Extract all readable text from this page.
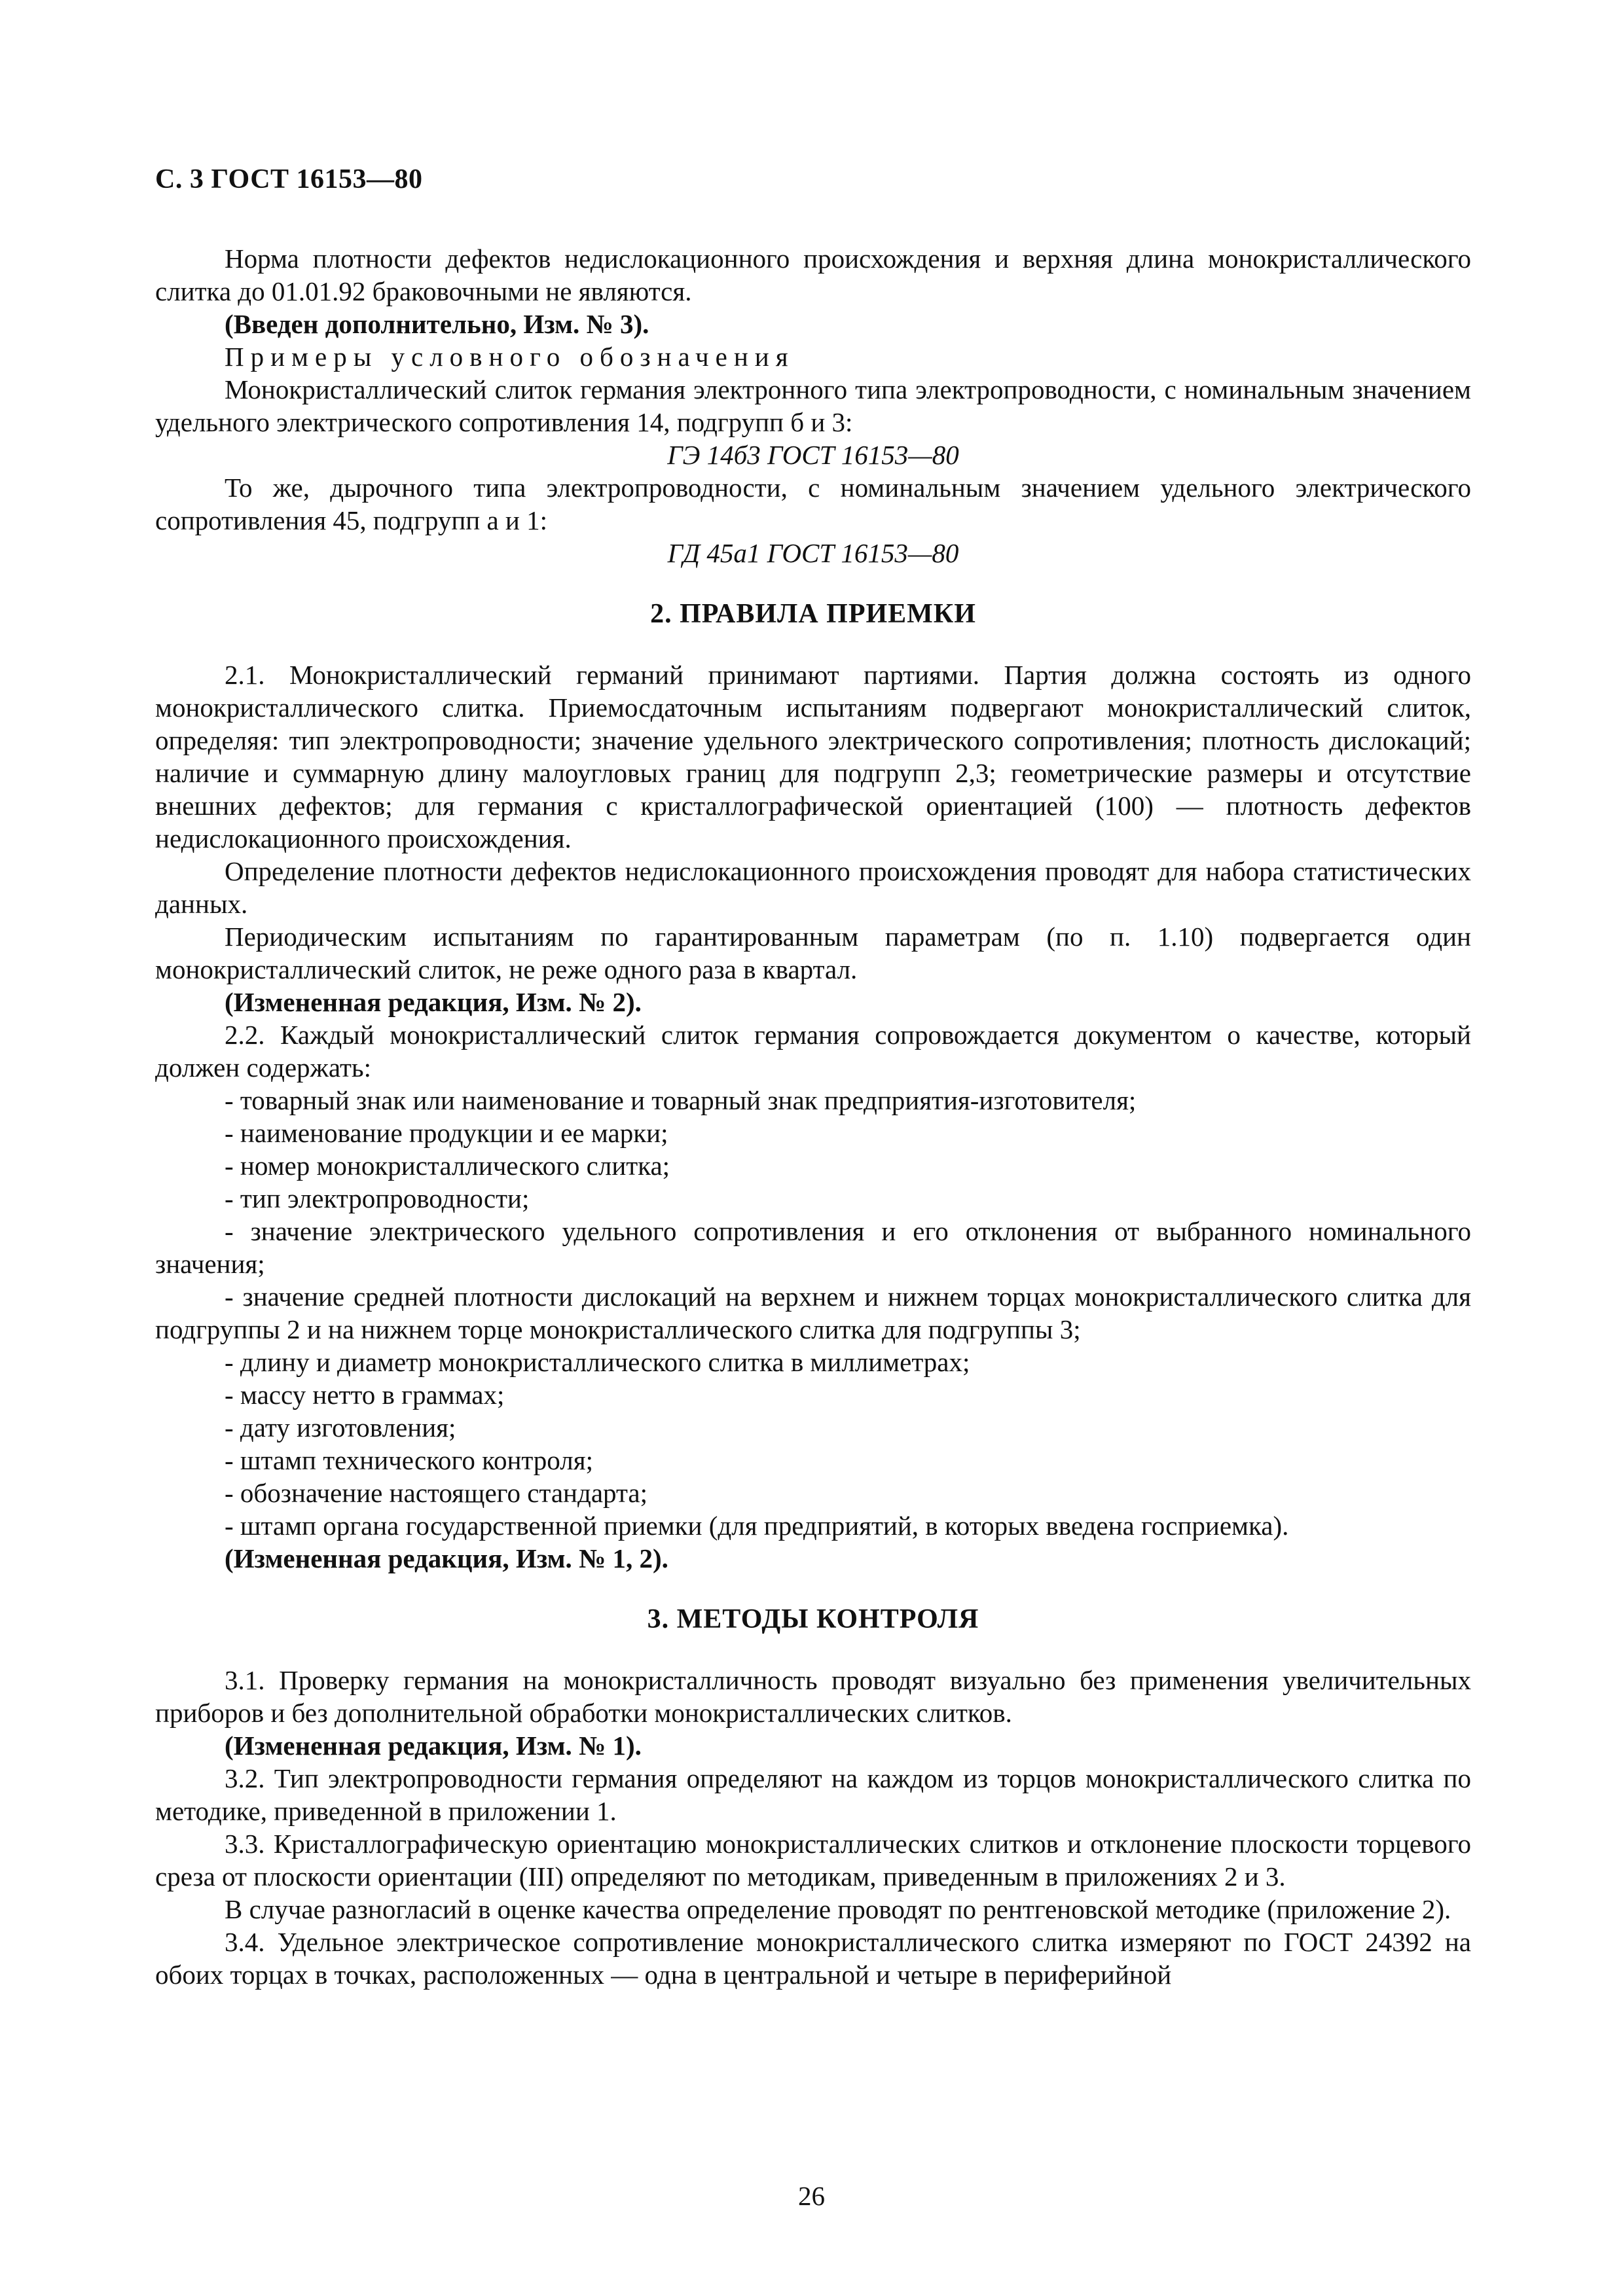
С. 3 ГОСТ 16153—80

Норма плотности дефектов недислокационного происхождения и верхняя длина монокристаллического слитка до 01.01.92 браковочными не являются.

(Введен дополнительно, Изм. № 3).

Примеры условного обозначения

Монокристаллический слиток германия электронного типа электропроводности, с номинальным значением удельного электрического сопротивления 14, подгрупп б и 3:

ГЭ 14б3 ГОСТ 16153—80

То же, дырочного типа электропроводности, с номинальным значением удельного электрического сопротивления 45, подгрупп а и 1:

ГД 45а1 ГОСТ 16153—80

2. ПРАВИЛА ПРИЕМКИ

2.1. Монокристаллический германий принимают партиями. Партия должна состоять из одного монокристаллического слитка. Приемосдаточным испытаниям подвергают монокристаллический слиток, определяя: тип электропроводности; значение удельного электрического сопротивления; плотность дислокаций; наличие и суммарную длину малоугловых границ для подгрупп 2,3; геометрические размеры и отсутствие внешних дефектов; для германия с кристаллографической ориентацией (100) — плотность дефектов недислокационного происхождения.

Определение плотности дефектов недислокационного происхождения проводят для набора статистических данных.

Периодическим испытаниям по гарантированным параметрам (по п. 1.10) подвергается один монокристаллический слиток, не реже одного раза в квартал.

(Измененная редакция, Изм. № 2).

2.2. Каждый монокристаллический слиток германия сопровождается документом о качестве, который должен содержать:

- товарный знак или наименование и товарный знак предприятия-изготовителя;

- наименование продукции и ее марки;

- номер монокристаллического слитка;

- тип электропроводности;

- значение электрического удельного сопротивления и его отклонения от выбранного номинального значения;

- значение средней плотности дислокаций на верхнем и нижнем торцах монокристаллического слитка для подгруппы 2 и на нижнем торце монокристаллического слитка для подгруппы 3;

- длину и диаметр монокристаллического слитка в миллиметрах;

- массу нетто в граммах;

- дату изготовления;

- штамп технического контроля;

- обозначение настоящего стандарта;

- штамп органа государственной приемки (для предприятий, в которых введена госприемка).

(Измененная редакция, Изм. № 1, 2).

3. МЕТОДЫ КОНТРОЛЯ

3.1. Проверку германия на монокристалличность проводят визуально без применения увеличительных приборов и без дополнительной обработки монокристаллических слитков.

(Измененная редакция, Изм. № 1).

3.2. Тип электропроводности германия определяют на каждом из торцов монокристаллического слитка по методике, приведенной в приложении 1.

3.3. Кристаллографическую ориентацию монокристаллических слитков и отклонение плоскости торцевого среза от плоскости ориентации (III) определяют по методикам, приведенным в приложениях 2 и 3.

В случае разногласий в оценке качества определение проводят по рентгеновской методике (приложение 2).

3.4. Удельное электрическое сопротивление монокристаллического слитка измеряют по ГОСТ 24392 на обоих торцах в точках, расположенных — одна в центральной и четыре в периферийной

26
